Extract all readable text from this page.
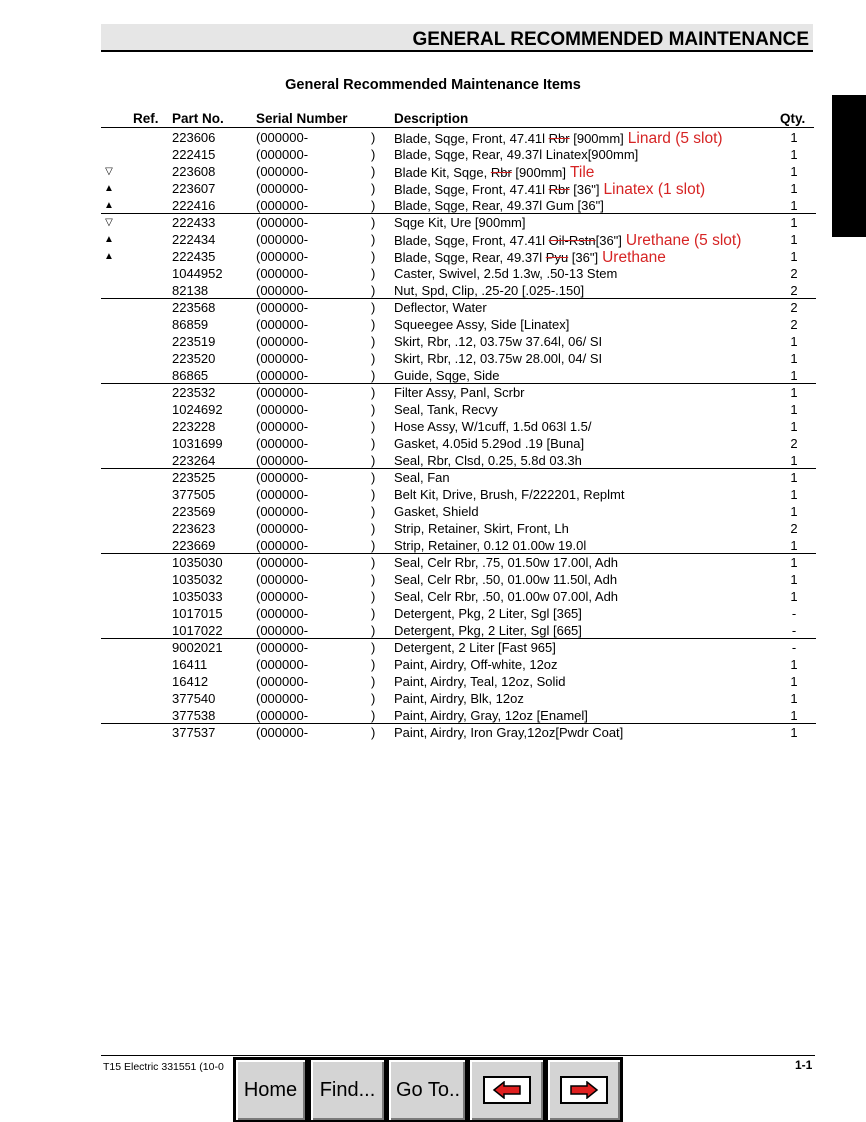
GENERAL RECOMMENDED MAINTENANCE
General Recommended Maintenance Items
Ref. Part No. Serial Number	Description	Qty.
223606	(000000-	) Blade, Sqge, Front, 47.41l Rbr [900mm] Linard (5 slot)	1
222415	(000000-	) Blade, Sqge, Rear, 49.37l Linatex[900mm]	1
▽	223608	(000000-	) Blade Kit, Sqge, Rbr [900mm] Tile	1
▲	223607	(000000-	) Blade, Sqge, Front, 47.41l Rbr [36"] Linatex (1 slot)	1
▲	222416	(000000-	) Blade, Sqge, Rear, 49.37l Gum [36"]	1
▽	222433	(000000-	) Sqge Kit, Ure [900mm]	1
▲	222434	(000000-	) Blade, Sqge, Front, 47.41l Oil-Rstn[36"] Urethane (5 slot)	1
▲	222435	(000000-	) Blade, Sqge, Rear, 49.37l Pyu [36"] Urethane	1
1044952	(000000-	) Caster, Swivel, 2.5d 1.3w, .50-13 Stem	2
82138	(000000-	) Nut, Spd, Clip, .25-20 [.025-.150]	2
223568	(000000-	) Deflector, Water	2
86859	(000000-	) Squeegee Assy, Side [Linatex]	2
223519	(000000-	) Skirt, Rbr, .12, 03.75w 37.64l, 06/ SI	1
223520	(000000-	) Skirt, Rbr, .12, 03.75w 28.00l, 04/ SI	1
86865	(000000-	) Guide, Sqge, Side	1
223532	(000000-	) Filter Assy, Panl, Scrbr	1
1024692	(000000-	) Seal, Tank, Recvy	1
223228	(000000-	) Hose Assy, W/1cuff, 1.5d 063l 1.5/	1
1031699	(000000-	) Gasket, 4.05id 5.29od .19 [Buna]	2
223264	(000000-	) Seal, Rbr, Clsd, 0.25, 5.8d 03.3h	1
223525	(000000-	) Seal, Fan	1
377505	(000000-	) Belt Kit, Drive, Brush, F/222201, Replmt	1
223569	(000000-	) Gasket, Shield	1
223623	(000000-	) Strip, Retainer, Skirt, Front, Lh	2
223669	(000000-	) Strip, Retainer, 0.12 01.00w 19.0l	1
1035030	(000000-	) Seal, Celr Rbr, .75, 01.50w 17.00l, Adh	1
1035032	(000000-	) Seal, Celr Rbr, .50, 01.00w 11.50l, Adh	1
1035033	(000000-	) Seal, Celr Rbr, .50, 01.00w 07.00l, Adh	1
1017015	(000000-	) Detergent, Pkg, 2 Liter, Sgl [365]	-
1017022	(000000-	) Detergent, Pkg, 2 Liter, Sgl [665]	-
9002021	(000000-	) Detergent, 2 Liter [Fast 965]	-
16411	(000000-	) Paint, Airdry, Off-white, 12oz	1
16412	(000000-	) Paint, Airdry, Teal, 12oz, Solid	1
377540	(000000-	) Paint, Airdry, Blk, 12oz	1
377538	(000000-	) Paint, Airdry, Gray, 12oz [Enamel]	1
377537	(000000-	) Paint, Airdry, Iron Gray,12oz[Pwdr Coat]	1
T15 Electric 331551 (10-0	1-1
Home	Find...	Go To..
